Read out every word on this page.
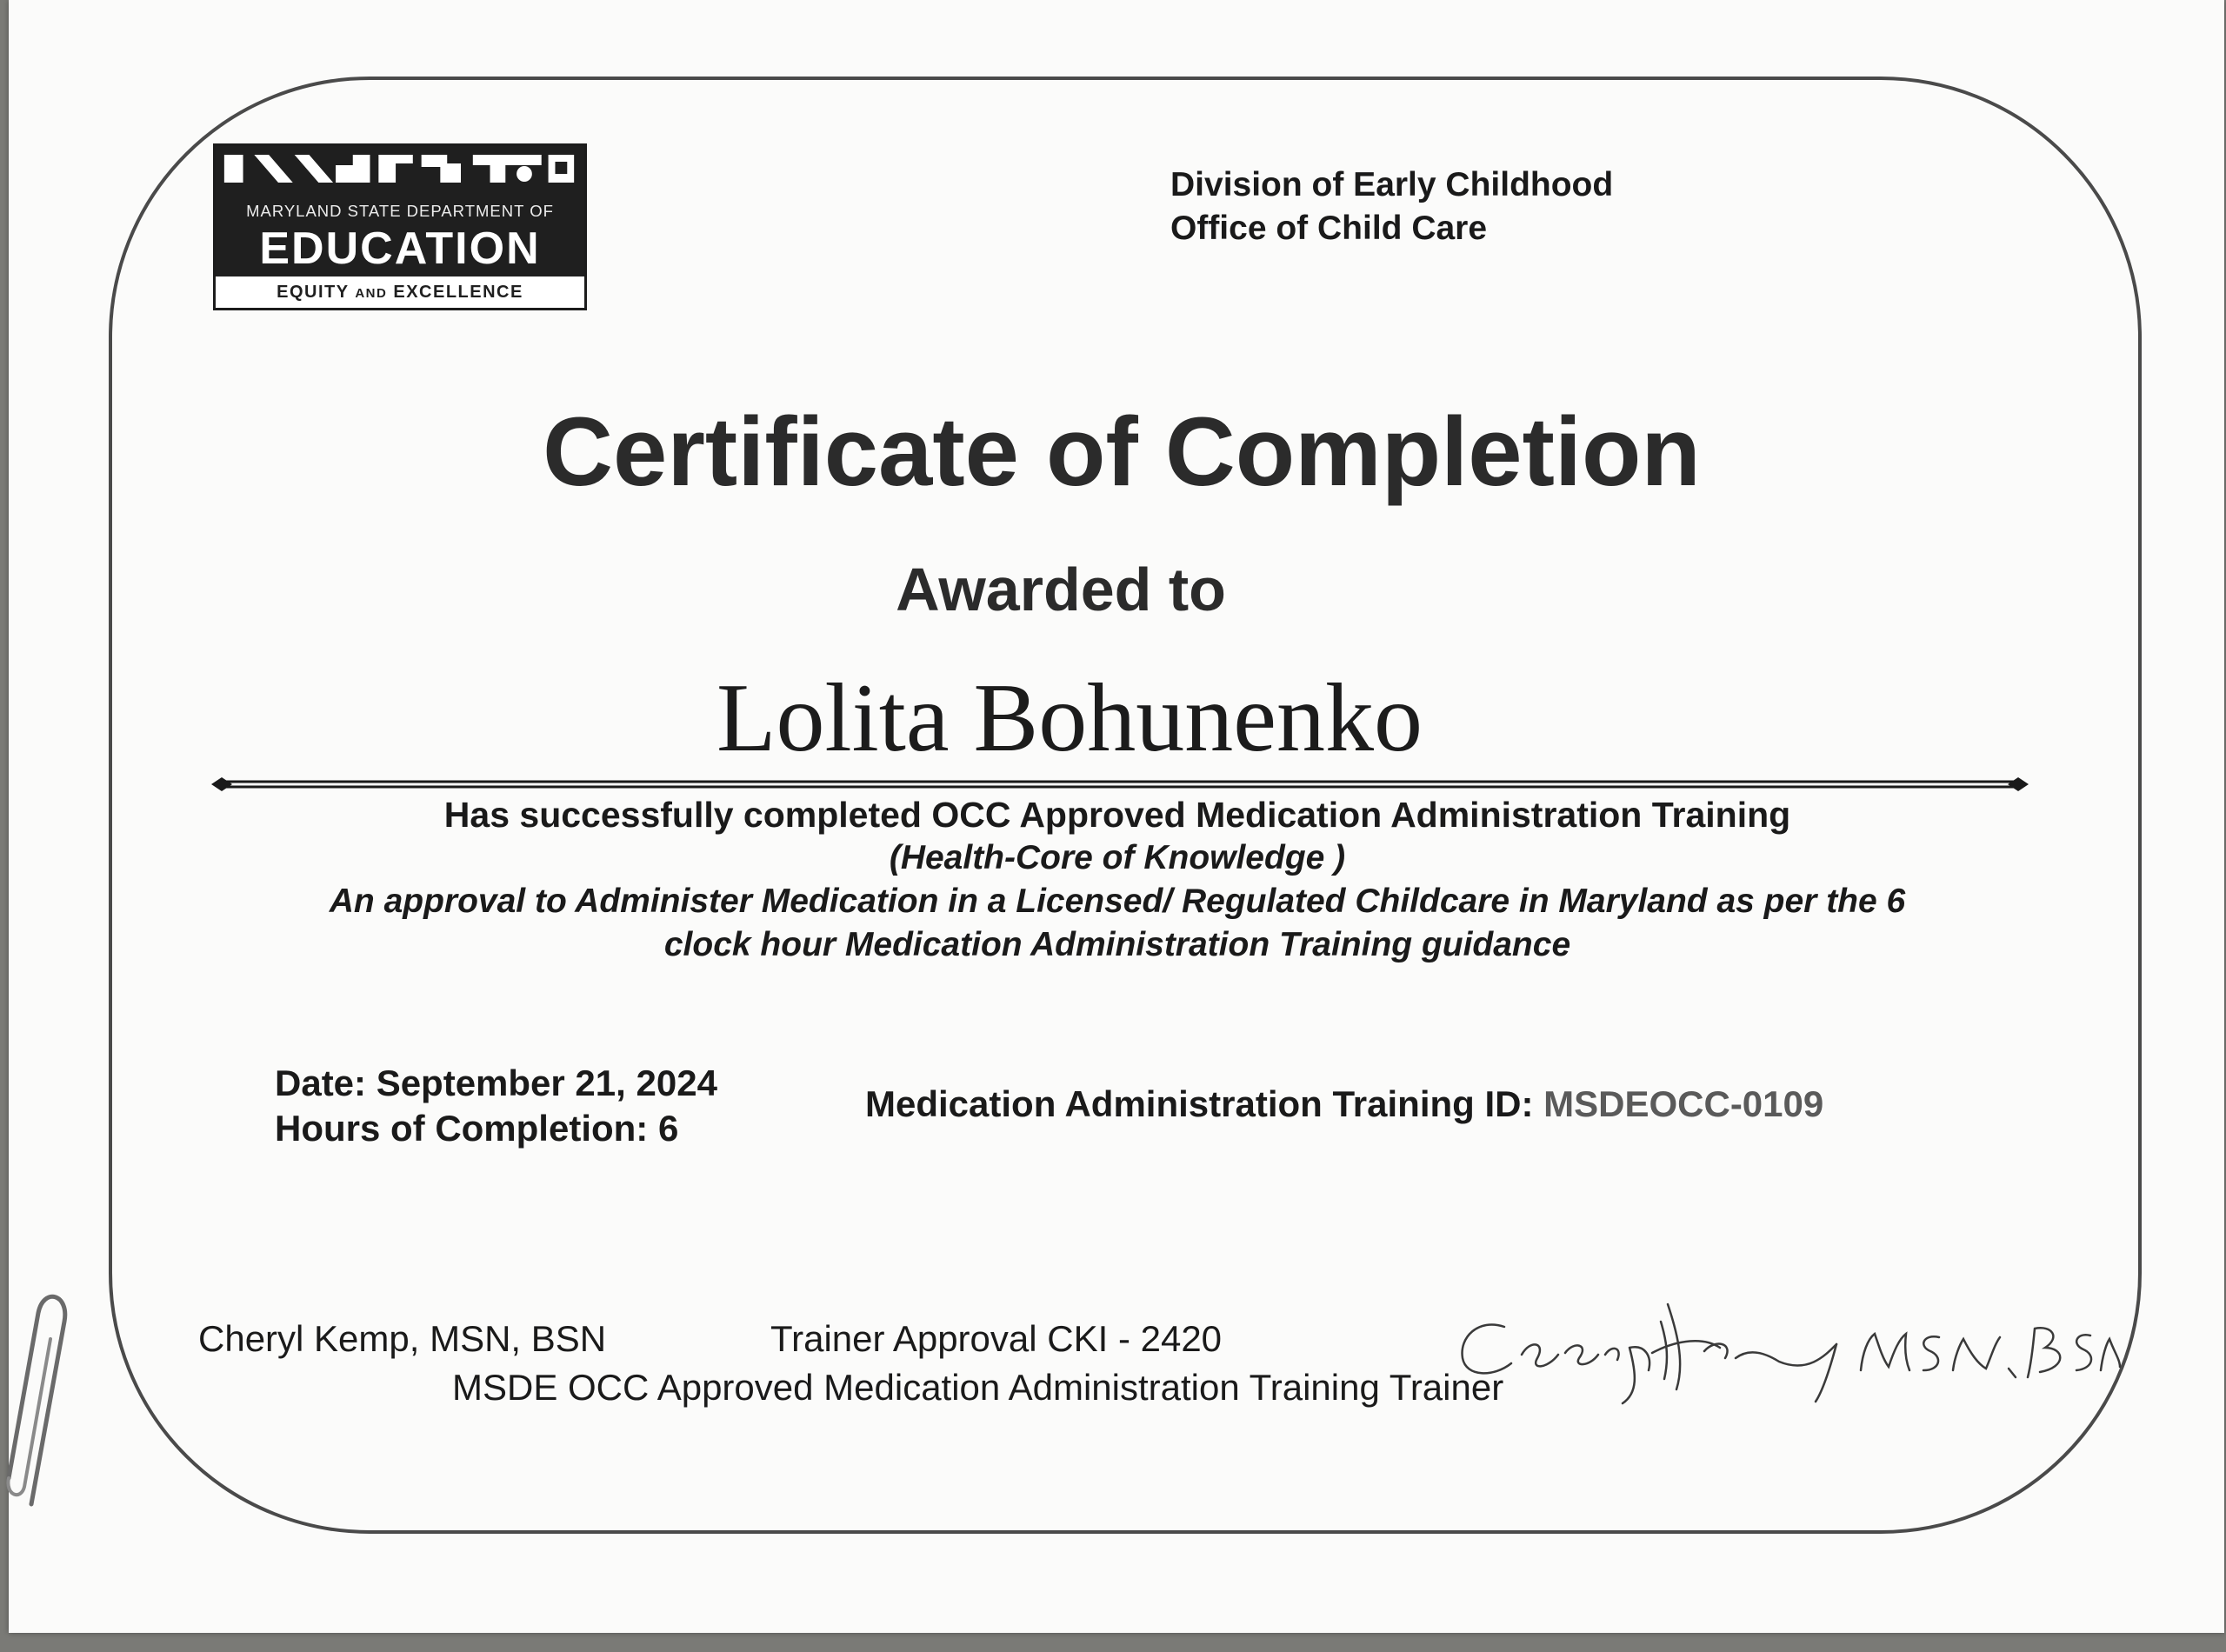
MARYLAND STATE DEPARTMENT OF
EDUCATION
EQUITY AND EXCELLENCE
Division of Early Childhood
Office of Child Care
Certificate of Completion
Awarded to
Lolita Bohunenko
Has successfully completed OCC Approved Medication Administration Training
(Health-Core of Knowledge )
An approval to Administer Medication in a Licensed/ Regulated Childcare in Maryland as per the 6
clock hour Medication Administration Training guidance
Date: September 21, 2024
Hours of Completion: 6
Medication Administration Training ID: MSDEOCC-0109
Cheryl Kemp, MSN, BSN	Trainer Approval CKI - 2420
MSDE OCC Approved Medication Administration Training Trainer
Cheryl Kemp MSN, BSN
